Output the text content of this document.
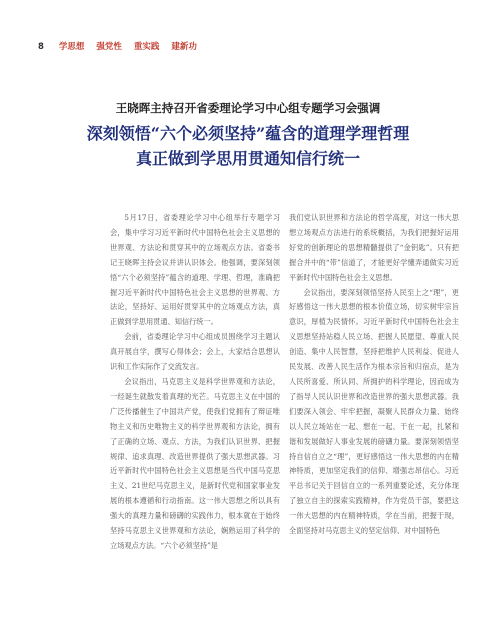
8 学思想 强党性 重实践 建新功
王晓晖主持召开省委理论学习中心组专题学习会强调
深刻领悟“六个必须坚持”蕴含的道理学理哲理
真正做到学思用贯通知信行统一

5月17日，省委理论学习中心组举行专题学习会，集中学习习近平新时代中国特色社会主义思想的世界观、方法论和贯穿其中的立场观点方法。省委书记王晓晖主持会议并讲认识体会。他强调，要深刻领悟“六个必须坚持”蕴含的道理、学理、哲理，准确把握习近平新时代中国特色社会主义思想的世界观、方法论，坚持好、运用好贯穿其中的立场观点方法，真正做到学思用贯通、知信行统一。

会前，省委理论学习中心组成员围绕学习主题认真开展自学，撰写心得体会；会上，大家结合思想认识和工作实际作了交流发言。

会议指出，马克思主义是科学世界观和方法论，一经诞生就散发着真理的光芒。马克思主义在中国的广泛传播催生了中国共产党，使我们党拥有了辩证唯物主义和历史唯物主义的科学世界观和方法论，拥有了正确的立场、观点、方法，为我们认识世界、把握规律、追求真理、改造世界提供了强大思想武器。习近平新时代中国特色社会主义思想是当代中国马克思主义、21世纪马克思主义，是新时代党和国家事业发展的根本遵循和行动指南。这一伟大思想之所以具有强大的真理力量和磅礴的实践伟力，根本就在于始终坚持马克思主义世界观和方法论，娴熟运用了科学的立场观点方法。“六个必须坚持”是

我们党认识世界和方法论的哲学高度，对这一伟大思想立场观点方法进行的系统概括，为我们把握好运用好党的创新理论的思想精髓提供了“金钥匙”。只有把握合并中的“带”信道了，才能更好学懂弄通做实习近平新时代中国特色社会主义思想。

会议指出，要深刻领悟坚持人民至上之“理”，更好感悟这一伟大思想的根本价值立场，切实树牢宗旨意识，厚植为民情怀。习近平新时代中国特色社会主义思想坚持站稳人民立场、把握人民愿望、尊重人民创造、集中人民智慧，坚持把维护人民利益、促进人民发展、改善人民生活作为根本宗旨和归宿点，是为人民所喜爱、所认同、所拥护的科学理论，因而成为了指导人民认识世界和改造世界的强大思想武器。我们要深入领会、牢牢把握，凝聚人民群众力量、始终以人民立场站在一起、想在一起、干在一起，扎紧和谐和发展做好人事业发展的磅礴力量。要深刻领悟坚持自信自立之“理”，更好感悟这一伟大思想的内在精神特质，更加坚定我们的信仰、增强志昂信心。习近平总书记关于回信自立的一系列重要论述，充分体现了独立自主的探索实践精神，作为党员干部，要把这一伟大思想的内在精神特质，学在当前，把握于现，全面坚持对马克思主义的坚定信仰、对中国特色
